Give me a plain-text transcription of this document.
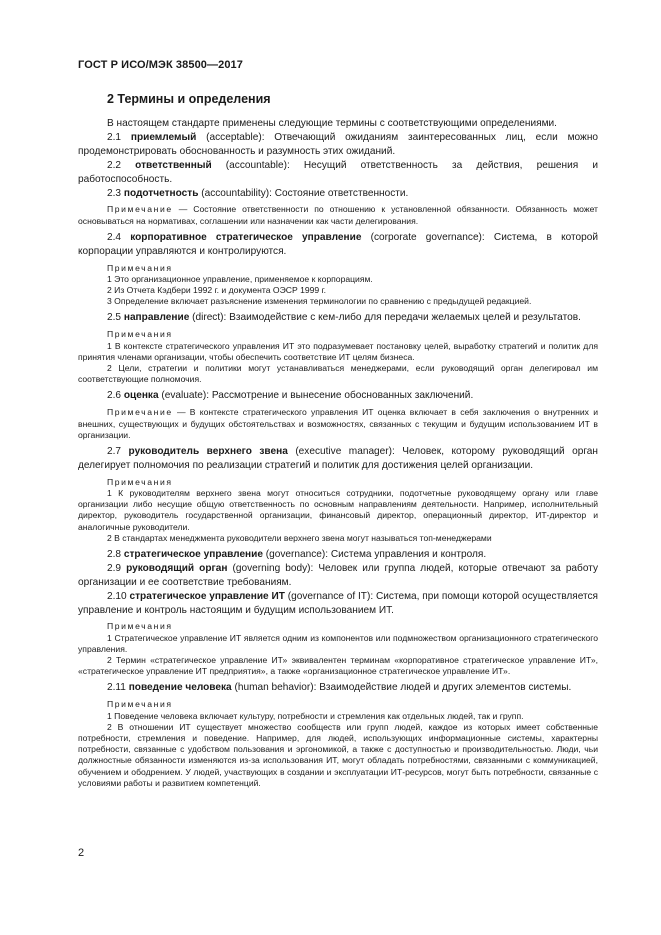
ГОСТ Р ИСО/МЭК 38500—2017
2 Термины и определения

В настоящем стандарте применены следующие термины с соответствующими определениями.

2.1 приемлемый (acceptable): Отвечающий ожиданиям заинтересованных лиц, если можно продемонстрировать обоснованность и разумность этих ожиданий.

2.2 ответственный (accountable): Несущий ответственность за действия, решения и работоспособность.

2.3 подотчетность (accountability): Состояние ответственности.

Примечание — Состояние ответственности по отношению к установленной обязанности. Обязанность может основываться на нормативах, соглашении или назначении как части делегирования.

2.4 корпоративное стратегическое управление (corporate governance): Система, в которой корпорации управляются и контролируются.

Примечания

1 Это организационное управление, применяемое к корпорациям.

2 Из Отчета Кэдбери 1992 г. и документа ОЭСР 1999 г.

3 Определение включает разъяснение изменения терминологии по сравнению с предыдущей редакцией.

2.5 направление (direct): Взаимодействие с кем-либо для передачи желаемых целей и результатов.

Примечания

1 В контексте стратегического управления ИТ это подразумевает постановку целей, выработку стратегий и политик для принятия членами организации, чтобы обеспечить соответствие ИТ целям бизнеса.

2 Цели, стратегии и политики могут устанавливаться менеджерами, если руководящий орган делегировал им соответствующие полномочия.

2.6 оценка (evaluate): Рассмотрение и вынесение обоснованных заключений.

Примечание — В контексте стратегического управления ИТ оценка включает в себя заключения о внутренних и внешних, существующих и будущих обстоятельствах и возможностях, связанных с текущим и будущим использованием ИТ в организации.

2.7 руководитель верхнего звена (executive manager): Человек, которому руководящий орган делегирует полномочия по реализации стратегий и политик для достижения целей организации.

Примечания

1 К руководителям верхнего звена могут относиться сотрудники, подотчетные руководящему органу или главе организации либо несущие общую ответственность по основным направлениям деятельности. Например, исполнительный директор, руководитель государственной организации, финансовый директор, операционный директор, ИТ-директор и аналогичные руководители.

2 В стандартах менеджмента руководители верхнего звена могут называться топ-менеджерами

2.8 стратегическое управление (governance): Система управления и контроля.

2.9 руководящий орган (governing body): Человек или группа людей, которые отвечают за работу организации и ее соответствие требованиям.

2.10 стратегическое управление ИТ (governance of IT): Система, при помощи которой осуществляется управление и контроль настоящим и будущим использованием ИТ.

Примечания

1 Стратегическое управление ИТ является одним из компонентов или подмножеством организационного стратегического управления.

2 Термин «стратегическое управление ИТ» эквивалентен терминам «корпоративное стратегическое управление ИТ», «стратегическое управление ИТ предприятия», а также «организационное стратегическое управление ИТ».

2.11 поведение человека (human behavior): Взаимодействие людей и других элементов системы.

Примечания

1 Поведение человека включает культуру, потребности и стремления как отдельных людей, так и групп.

2 В отношении ИТ существует множество сообществ или групп людей, каждое из которых имеет собственные потребности, стремления и поведение. Например, для людей, использующих информационные системы, характерны потребности, связанные с удобством пользования и эргономикой, а также с доступностью и производительностью. Люди, чьи должностные обязанности изменяются из-за использования ИТ, могут обладать потребностями, связанными с коммуникацией, обучением и ободрением. У людей, участвующих в создании и эксплуатации ИТ-ресурсов, могут быть потребности, связанные с условиями работы и развитием компетенций.

2
